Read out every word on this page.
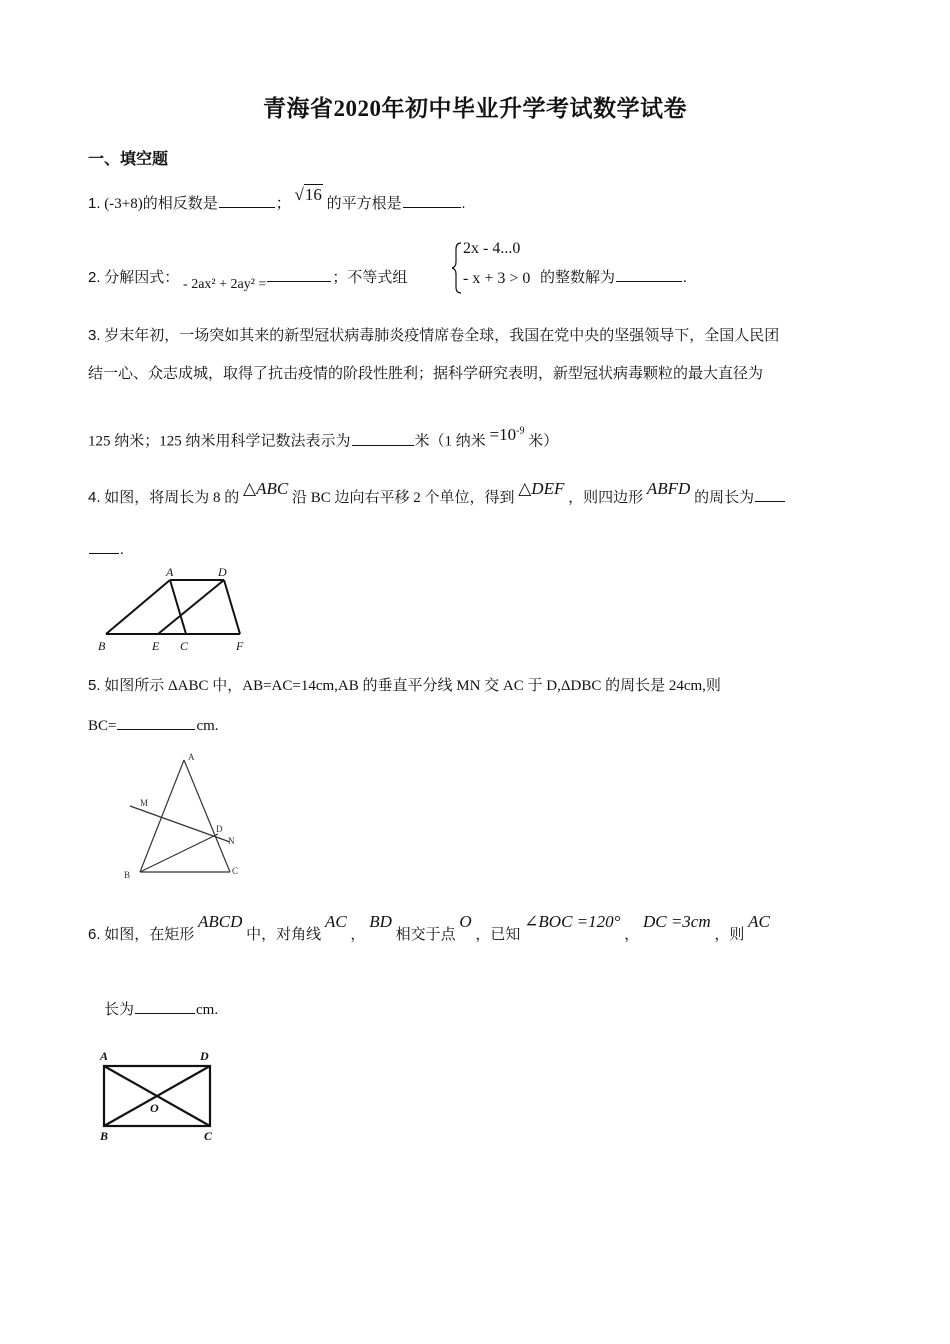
青海省2020年初中毕业升学考试数学试卷
一、填空题
1. (-3+8)的相反数是	； √16 的平方根是	.
2. 分解因式： - 2ax² + 2ay² =	；不等式组
2x - 4...0
- x + 3 > 0 的整数解为	.
3. 岁末年初，一场突如其来的新型冠状病毒肺炎疫情席卷全球，我国在党中央的坚强领导下，全国人民团
结一心、众志成城，取得了抗击疫情的阶段性胜利；据科学研究表明，新型冠状病毒颗粒的最大直径为
125 纳米；125 纳米用科学记数法表示为	米（1 纳米 $=10^{-9}$ 米）
4. 如图，将周长为 8 的 △ABC 沿 BC 边向右平移 2 个单位，得到 △DEF ，则四边形 ABFD 的周长为
.
A	D
B	E C	F
5. 如图所示 ΔABC 中，AB=AC=14cm,AB 的垂直平分线 MN 交 AC 于 D,ΔDBC 的周长是 24cm,则
BC=	cm.
A
M
D
N
B	C
6. 如图，在矩形 ABCD 中，对角线 AC ， BD 相交于点 O ，已知 ∠BOC =120° ， DC =3cm ，则 AC
长为	cm.
A	D
O
B	C
